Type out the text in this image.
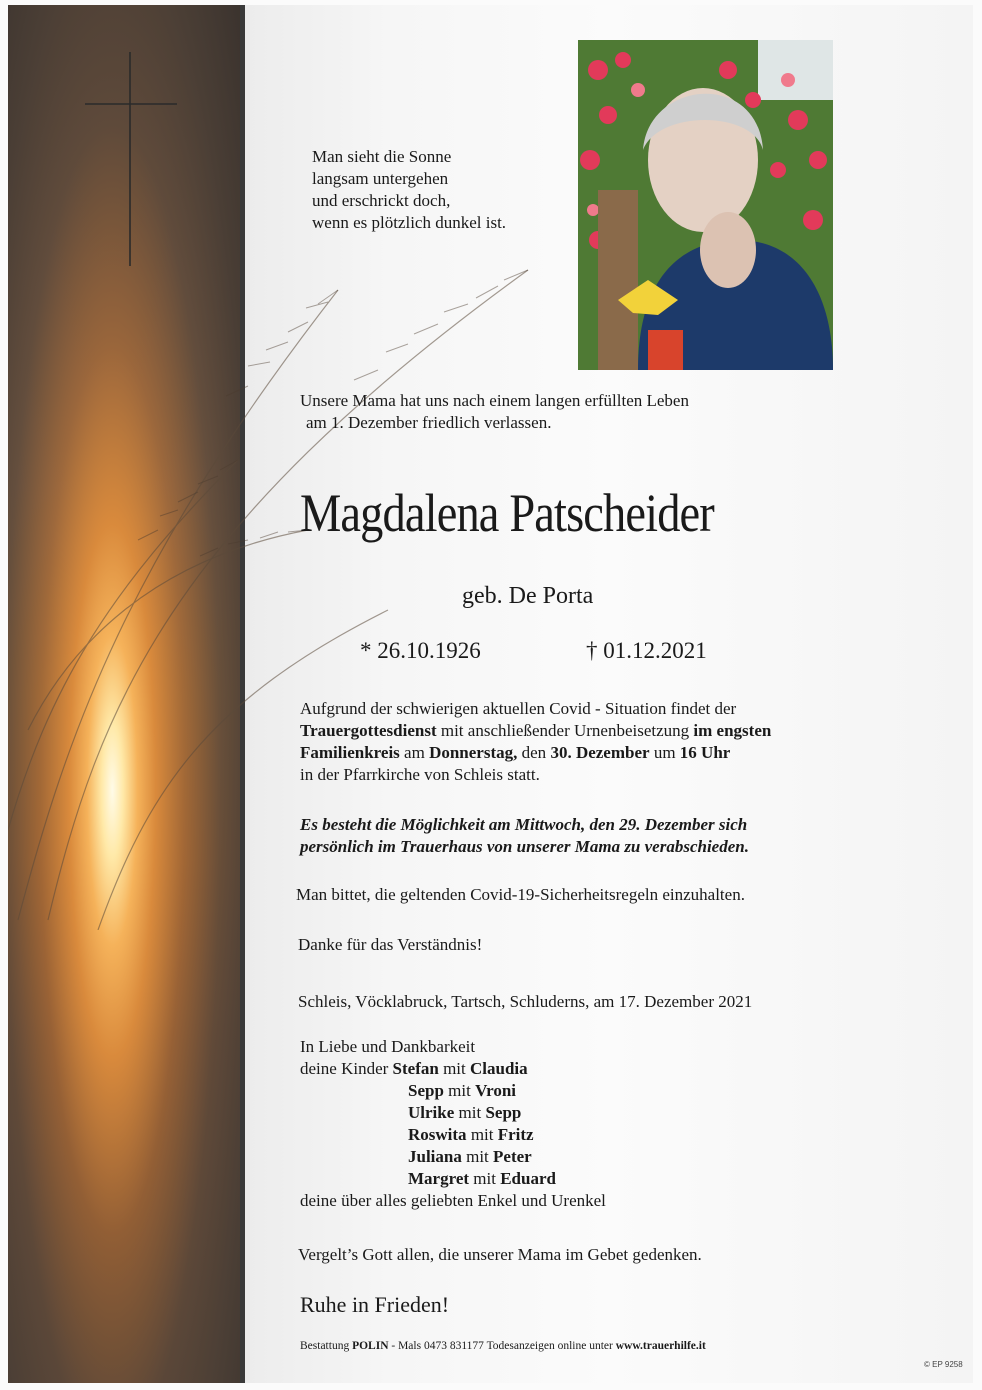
Man sieht die Sonne
langsam untergehen
und erschrickt doch,
wenn es plötzlich dunkel ist.
Unsere Mama hat uns nach einem langen erfüllten Leben
am 1. Dezember friedlich verlassen.
Magdalena Patscheider
geb. De Porta
* 26.10.1926	† 01.12.2021
Aufgrund der schwierigen aktuellen Covid - Situation findet der
Trauergottesdienst mit anschließender Urnenbeisetzung im engsten
Familienkreis am Donnerstag, den 30. Dezember um 16 Uhr
in der Pfarrkirche von Schleis statt.
Es besteht die Möglichkeit am Mittwoch, den 29. Dezember sich
persönlich im Trauerhaus von unserer Mama zu verabschieden.
Man bittet, die geltenden Covid-19-Sicherheitsregeln einzuhalten.
Danke für das Verständnis!
Schleis, Vöcklabruck, Tartsch, Schluderns, am 17. Dezember 2021
In Liebe und Dankbarkeit
deine Kinder Stefan mit Claudia
Sepp mit Vroni
Ulrike mit Sepp
Roswita mit Fritz
Juliana mit Peter
Margret mit Eduard
deine über alles geliebten Enkel und Urenkel
Vergelt’s Gott allen, die unserer Mama im Gebet gedenken.
Ruhe in Frieden!
Bestattung POLIN - Mals 0473 831177 Todesanzeigen online unter www.trauerhilfe.it
© EP 9258
